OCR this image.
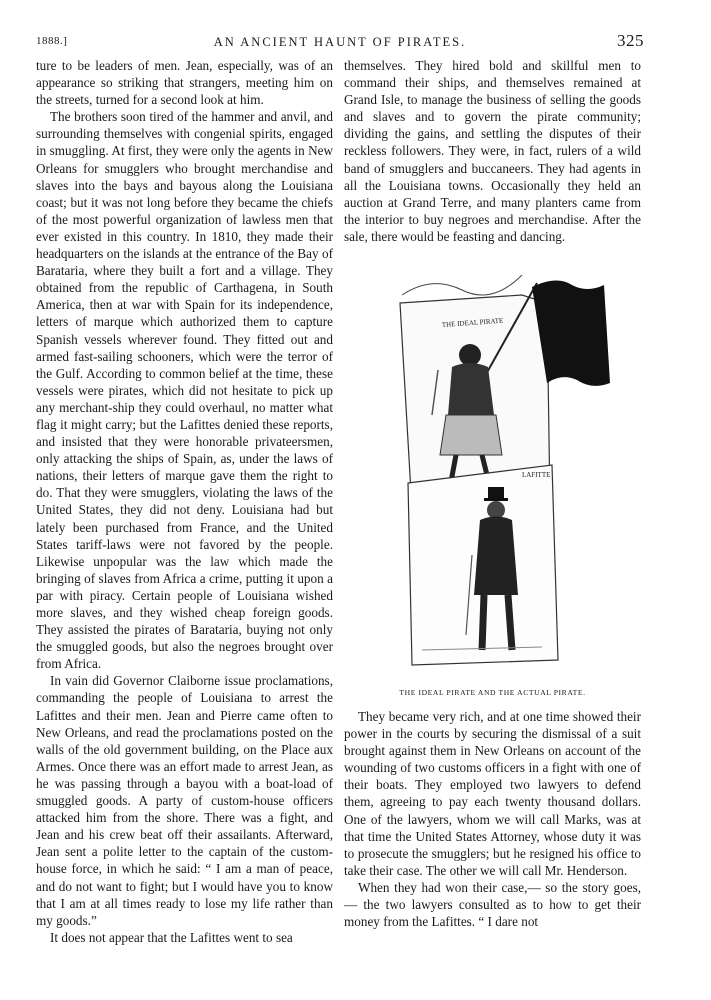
1888.]	AN ANCIENT HAUNT OF PIRATES.	325

ture to be leaders of men. Jean, especially, was of an appearance so striking that strangers, meeting him on the streets, turned for a second look at him.

The brothers soon tired of the hammer and anvil, and surrounding themselves with congenial spirits, engaged in smuggling. At first, they were only the agents in New Orleans for smugglers who brought merchandise and slaves into the bays and bayous along the Louisiana coast; but it was not long before they became the chiefs of the most powerful organization of lawless men that ever existed in this country. In 1810, they made their headquarters on the islands at the entrance of the Bay of Barataria, where they built a fort and a village. They obtained from the republic of Carthagena, in South America, then at war with Spain for its independence, letters of marque which authorized them to capture Spanish vessels wherever found. They fitted out and armed fast-sailing schooners, which were the terror of the Gulf. According to common belief at the time, these vessels were pirates, which did not hesitate to pick up any merchant-ship they could overhaul, no matter what flag it might carry; but the Lafittes denied these reports, and insisted that they were honorable privateersmen, only attacking the ships of Spain, as, under the laws of nations, their letters of marque gave them the right to do. That they were smugglers, violating the laws of the United States, they did not deny. Louisiana had but lately been purchased from France, and the United States tariff-laws were not favored by the people. Likewise unpopular was the law which made the bringing of slaves from Africa a crime, putting it upon a par with piracy. Certain people of Louisiana wished more slaves, and they wished cheap foreign goods. They assisted the pirates of Barataria, buying not only the smuggled goods, but also the negroes brought over from Africa.

In vain did Governor Claiborne issue proclamations, commanding the people of Louisiana to arrest the Lafittes and their men. Jean and Pierre came often to New Orleans, and read the proclamations posted on the walls of the old government building, on the Place aux Armes. Once there was an effort made to arrest Jean, as he was passing through a bayou with a boat-load of smuggled goods. A party of custom-house officers attacked him from the shore. There was a fight, and Jean and his crew beat off their assailants. Afterward, Jean sent a polite letter to the captain of the custom-house force, in which he said: “ I am a man of peace, and do not want to fight; but I would have you to know that I am at all times ready to lose my life rather than my goods.”

It does not appear that the Lafittes went to sea

themselves. They hired bold and skillful men to command their ships, and themselves remained at Grand Isle, to manage the business of selling the goods and slaves and to govern the pirate community; dividing the gains, and settling the disputes of their reckless followers. They were, in fact, rulers of a wild band of smugglers and buccaneers. They had agents in all the Louisiana towns. Occasionally they held an auction at Grand Terre, and many planters came from the interior to buy negroes and merchandise. After the sale, there would be feasting and dancing.

THE IDEAL PIRATE
LAFITTE
THE IDEAL PIRATE AND THE ACTUAL PIRATE.

They became very rich, and at one time showed their power in the courts by securing the dismissal of a suit brought against them in New Orleans on account of the wounding of two customs officers in a fight with one of their boats. They employed two lawyers to defend them, agreeing to pay each twenty thousand dollars. One of the lawyers, whom we will call Marks, was at that time the United States Attorney, whose duty it was to prosecute the smugglers; but he resigned his office to take their case. The other we will call Mr. Henderson.

When they had won their case,— so the story goes,— the two lawyers consulted as to how to get their money from the Lafittes. “ I dare not
